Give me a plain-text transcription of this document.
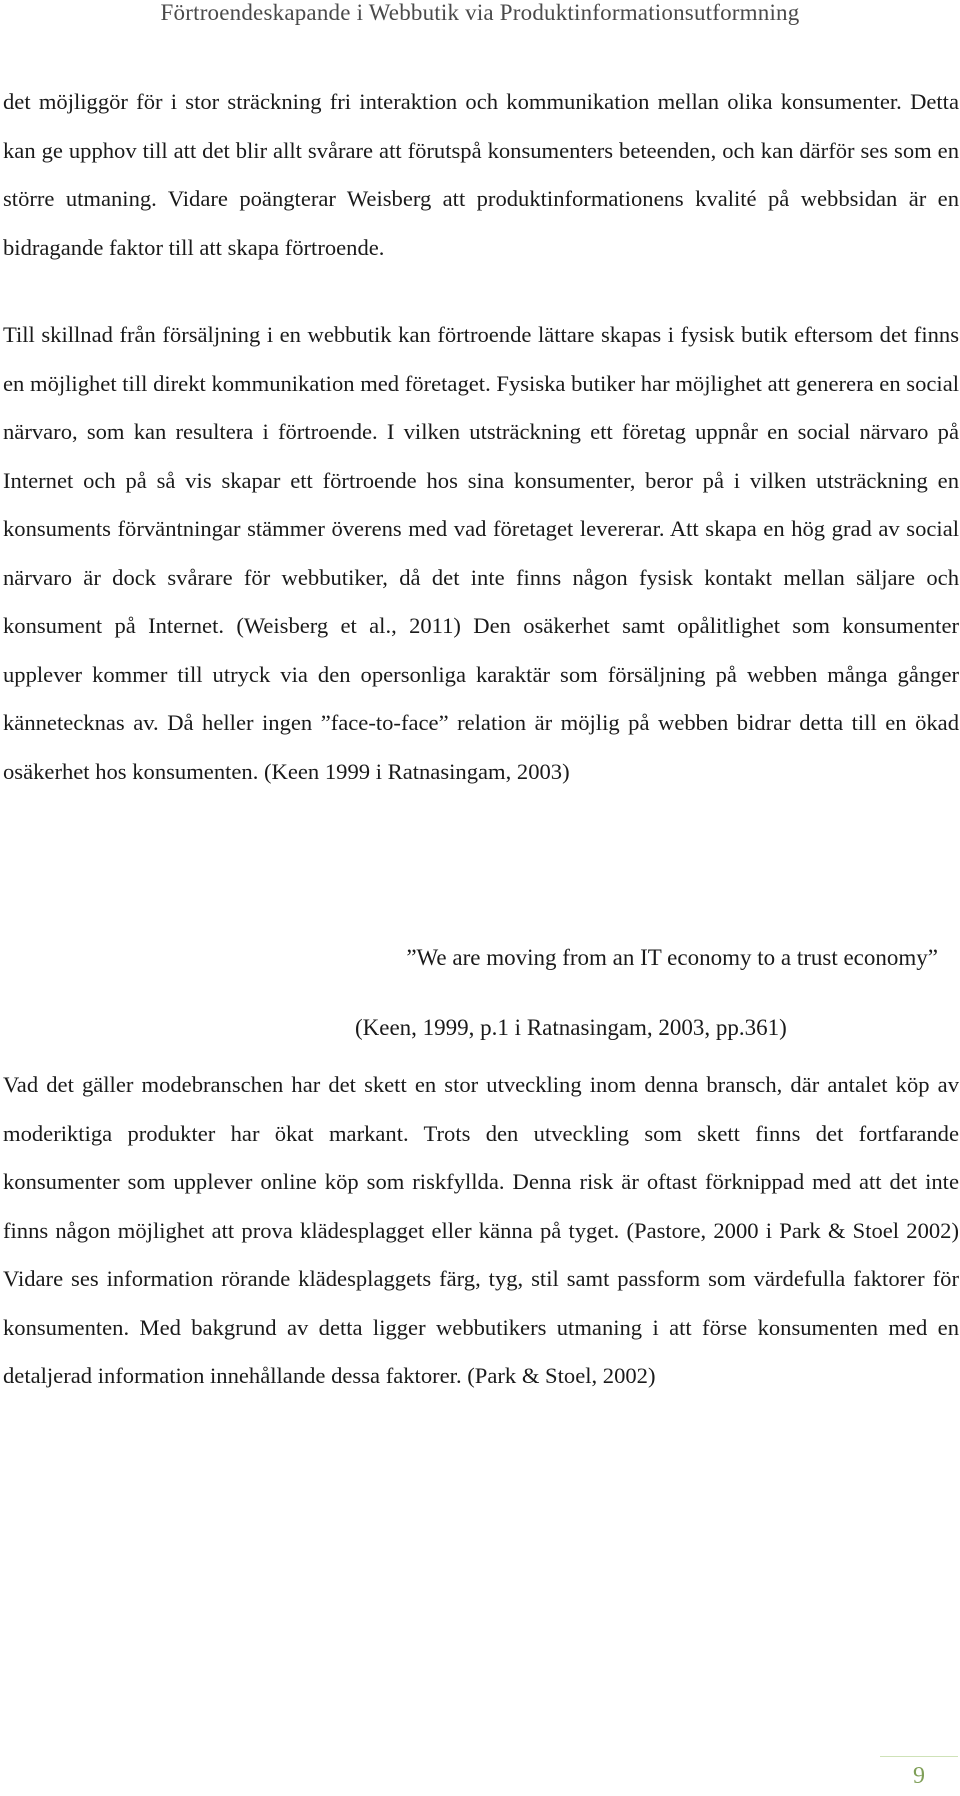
Förtroendeskapande i Webbutik via Produktinformationsutformning

det möjliggör för i stor sträckning fri interaktion och kommunikation mellan olika konsumenter. Detta kan ge upphov till att det blir allt svårare att förutspå konsumenters beteenden, och kan därför ses som en större utmaning. Vidare poängterar Weisberg att produktinformationens kvalité på webbsidan är en bidragande faktor till att skapa förtroende.

Till skillnad från försäljning i en webbutik kan förtroende lättare skapas i fysisk butik eftersom det finns en möjlighet till direkt kommunikation med företaget. Fysiska butiker har möjlighet att generera en social närvaro, som kan resultera i förtroende. I vilken utsträckning ett företag uppnår en social närvaro på Internet och på så vis skapar ett förtroende hos sina konsumenter, beror på i vilken utsträckning en konsuments förväntningar stämmer överens med vad företaget levererar. Att skapa en hög grad av social närvaro är dock svårare för webbutiker, då det inte finns någon fysisk kontakt mellan säljare och konsument på Internet. (Weisberg et al., 2011) Den osäkerhet samt opålitlighet som konsumenter upplever kommer till utryck via den opersonliga karaktär som försäljning på webben många gånger kännetecknas av. Då heller ingen ”face-to-face” relation är möjlig på webben bidrar detta till en ökad osäkerhet hos konsumenten. (Keen 1999 i Ratnasingam, 2003)

”We are moving from an IT economy to a trust economy”

(Keen, 1999, p.1 i Ratnasingam, 2003, pp.361)

Vad det gäller modebranschen har det skett en stor utveckling inom denna bransch, där antalet köp av moderiktiga produkter har ökat markant. Trots den utveckling som skett finns det fortfarande konsumenter som upplever online köp som riskfyllda. Denna risk är oftast förknippad med att det inte finns någon möjlighet att prova klädesplagget eller känna på tyget. (Pastore, 2000 i Park & Stoel 2002) Vidare ses information rörande klädesplaggets färg, tyg, stil samt passform som värdefulla faktorer för konsumenten. Med bakgrund av detta ligger webbutikers utmaning i att förse konsumenten med en detaljerad information innehållande dessa faktorer. (Park & Stoel, 2002)

9
